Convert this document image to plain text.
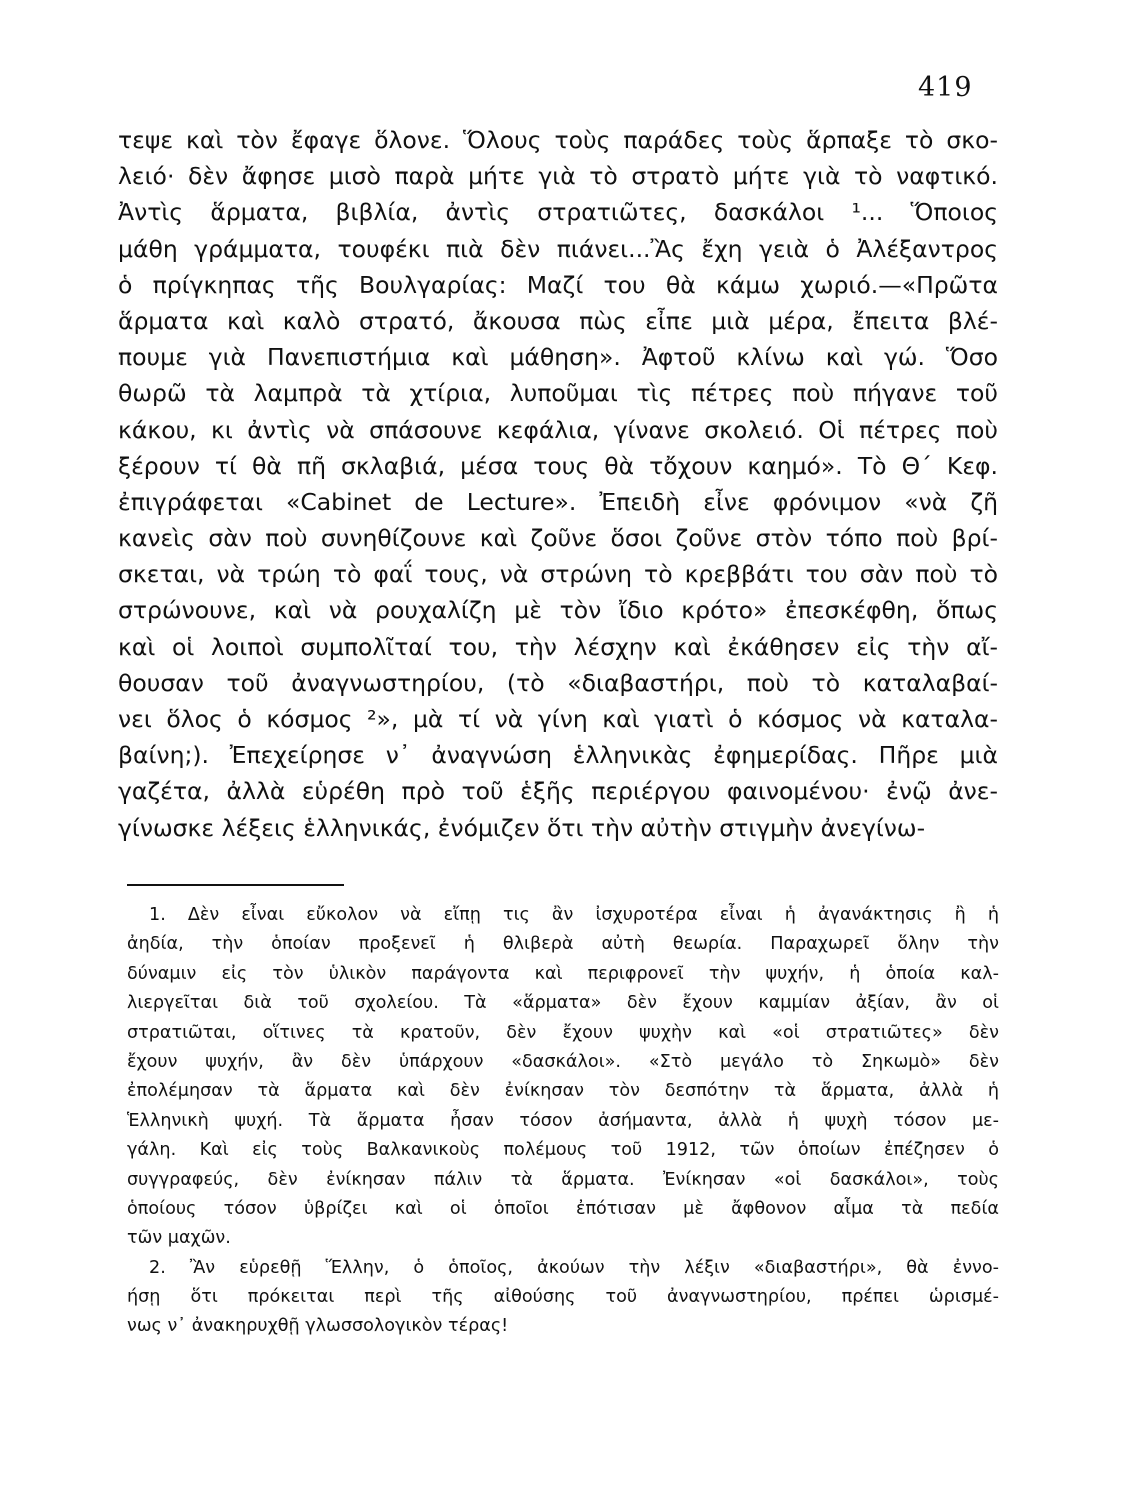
419
τεψε καὶ τὸν ἔφαγε ὅλονε. Ὅλους τοὺς παράδες τοὺς ἅρπαξε τὸ σκο-
λειό· δὲν ἄφησε μισὸ παρὰ μήτε γιὰ τὸ στρατὸ μήτε γιὰ τὸ ναφτικό.
Ἀντὶς ἅρματα, βιβλία, ἀντὶς στρατιῶτες, δασκάλοι ¹... Ὅποιος
μάθη γράμματα, τουφέκι πιὰ δὲν πιάνει...Ἂς ἔχη γειὰ ὁ Ἀλέξαντρος
ὁ πρίγκηπας τῆς Βουλγαρίας: Μαζί του θὰ κάμω χωριό.—«Πρῶτα
ἅρματα καὶ καλὸ στρατό, ἄκουσα πὼς εἶπε μιὰ μέρα, ἔπειτα βλέ-
πουμε γιὰ Πανεπιστήμια καὶ μάθηση». Ἀφτοῦ κλίνω καὶ γώ. Ὅσο
θωρῶ τὰ λαμπρὰ τὰ χτίρια, λυποῦμαι τὶς πέτρες ποὺ πήγανε τοῦ
κάκου, κι ἀντὶς νὰ σπάσουνε κεφάλια, γίνανε σκολειό. Οἱ πέτρες ποὺ
ξέρουν τί θὰ πῆ σκλαβιά, μέσα τους θὰ τὄχουν καημό». Τὸ Θ΄ Κεφ.
ἐπιγράφεται «Cabinet de Lecture». Ἐπειδὴ εἶνε φρόνιμον «νὰ ζῆ
κανεὶς σὰν ποὺ συνηθίζουνε καὶ ζοῦνε ὅσοι ζοῦνε στὸν τόπο ποὺ βρί-
σκεται, νὰ τρώη τὸ φαΐ τους, νὰ στρώνη τὸ κρεββάτι του σὰν ποὺ τὸ
στρώνουνε, καὶ νὰ ρουχαλίζη μὲ τὸν ἴδιο κρότο» ἐπεσκέφθη, ὅπως
καὶ οἱ λοιποὶ συμπολῖταί του, τὴν λέσχην καὶ ἐκάθησεν εἰς τὴν αἴ-
θουσαν τοῦ ἀναγνωστηρίου, (τὸ «διαβαστήρι, ποὺ τὸ καταλαβαί-
νει ὅλος ὁ κόσμος ²», μὰ τί νὰ γίνη καὶ γιατὶ ὁ κόσμος νὰ καταλα-
βαίνη;). Ἐπεχείρησε ν᾿ ἀναγνώση ἑλληνικὰς ἐφημερίδας. Πῆρε μιὰ
γαζέτα, ἀλλὰ εὑρέθη πρὸ τοῦ ἑξῆς περιέργου φαινομένου· ἐνῷ ἀνε-
γίνωσκε λέξεις ἑλληνικάς, ἐνόμιζεν ὅτι τὴν αὐτὴν στιγμὴν ἀνεγίνω-
1. Δὲν εἶναι εὔκολον νὰ εἴπῃ τις ἂν ἰσχυροτέρα εἶναι ἡ ἀγανάκτησις ἢ ἡ
ἀηδία, τὴν ὁποίαν προξενεῖ ἡ θλιβερὰ αὐτὴ θεωρία. Παραχωρεῖ ὅλην τὴν
δύναμιν εἰς τὸν ὑλικὸν παράγοντα καὶ περιφρονεῖ τὴν ψυχήν, ἡ ὁποία καλ-
λιεργεῖται διὰ τοῦ σχολείου. Τὰ «ἅρματα» δὲν ἔχουν καμμίαν ἀξίαν, ἂν οἱ
στρατιῶται, οἵτινες τὰ κρατοῦν, δὲν ἔχουν ψυχὴν καὶ «οἱ στρατιῶτες» δὲν
ἔχουν ψυχήν, ἂν δὲν ὑπάρχουν «δασκάλοι». «Στὸ μεγάλο τὸ Σηκωμὸ» δὲν
ἐπολέμησαν τὰ ἅρματα καὶ δὲν ἐνίκησαν τὸν δεσπότην τὰ ἅρματα, ἀλλὰ ἡ
Ἑλληνικὴ ψυχή. Τὰ ἅρματα ἦσαν τόσον ἀσήμαντα, ἀλλὰ ἡ ψυχὴ τόσον με-
γάλη. Καὶ εἰς τοὺς Βαλκανικοὺς πολέμους τοῦ 1912, τῶν ὁποίων ἐπέζησεν ὁ
συγγραφεύς, δὲν ἐνίκησαν πάλιν τὰ ἅρματα. Ἐνίκησαν «οἱ δασκάλοι», τοὺς
ὁποίους τόσον ὑβρίζει καὶ οἱ ὁποῖοι ἐπότισαν μὲ ἄφθονον αἷμα τὰ πεδία
τῶν μαχῶν.
2. Ἂν εὑρεθῇ Ἕλλην, ὁ ὁποῖος, ἀκούων τὴν λέξιν «διαβαστήρι», θὰ ἐννο-
ήσῃ ὅτι πρόκειται περὶ τῆς αἰθούσης τοῦ ἀναγνωστηρίου, πρέπει ὡρισμέ-
νως ν᾿ ἀνακηρυχθῇ γλωσσολογικὸν τέρας!
